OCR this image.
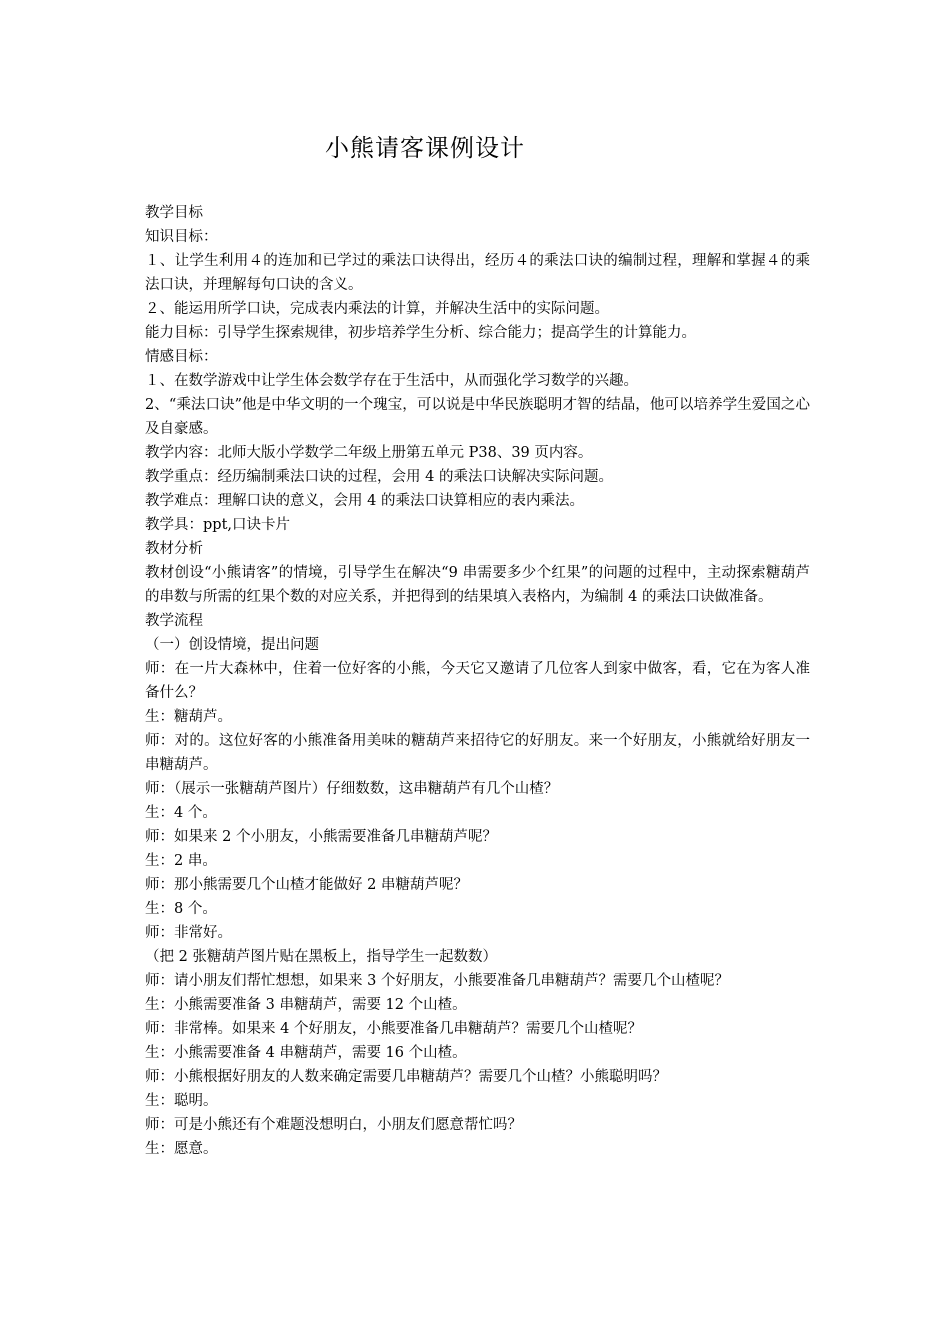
小熊请客课例设计

教学目标

知识目标：

１、让学生利用４的连加和已学过的乘法口诀得出，经历４的乘法口诀的编制过程，理解和掌握４的乘法口诀，并理解每句口诀的含义。

２、能运用所学口诀，完成表内乘法的计算，并解决生活中的实际问题。

能力目标：引导学生探索规律，初步培养学生分析、综合能力；提高学生的计算能力。

情感目标：

１、在数学游戏中让学生体会数学存在于生活中，从而强化学习数学的兴趣。

2、“乘法口诀”他是中华文明的一个瑰宝，可以说是中华民族聪明才智的结晶，他可以培养学生爱国之心及自豪感。

教学内容：北师大版小学数学二年级上册第五单元 P38、39 页内容。

教学重点：经历编制乘法口诀的过程，会用 4 的乘法口诀解决实际问题。

教学难点：理解口诀的意义，会用 4 的乘法口诀算相应的表内乘法。

教学具：ppt,口诀卡片

教材分析

教材创设“小熊请客”的情境，引导学生在解决“9 串需要多少个红果”的问题的过程中，主动探索糖葫芦的串数与所需的红果个数的对应关系，并把得到的结果填入表格内，为编制 4 的乘法口诀做准备。

教学流程

（一）创设情境，提出问题

师：在一片大森林中，住着一位好客的小熊，今天它又邀请了几位客人到家中做客，看，它在为客人准备什么？

生：糖葫芦。

师：对的。这位好客的小熊准备用美味的糖葫芦来招待它的好朋友。来一个好朋友，小熊就给好朋友一串糖葫芦。

师：（展示一张糖葫芦图片）仔细数数，这串糖葫芦有几个山楂？

生：4 个。

师：如果来 2 个小朋友，小熊需要准备几串糖葫芦呢？

生：2 串。

师：那小熊需要几个山楂才能做好 2 串糖葫芦呢？

生：8 个。

师：非常好。

（把 2 张糖葫芦图片贴在黑板上，指导学生一起数数）

师：请小朋友们帮忙想想，如果来 3 个好朋友，小熊要准备几串糖葫芦？需要几个山楂呢？

生：小熊需要准备 3 串糖葫芦，需要 12 个山楂。

师：非常棒。如果来 4 个好朋友，小熊要准备几串糖葫芦？需要几个山楂呢？

生：小熊需要准备 4 串糖葫芦，需要 16 个山楂。

师：小熊根据好朋友的人数来确定需要几串糖葫芦？需要几个山楂？小熊聪明吗？

生：聪明。

师：可是小熊还有个难题没想明白，小朋友们愿意帮忙吗？

生：愿意。
